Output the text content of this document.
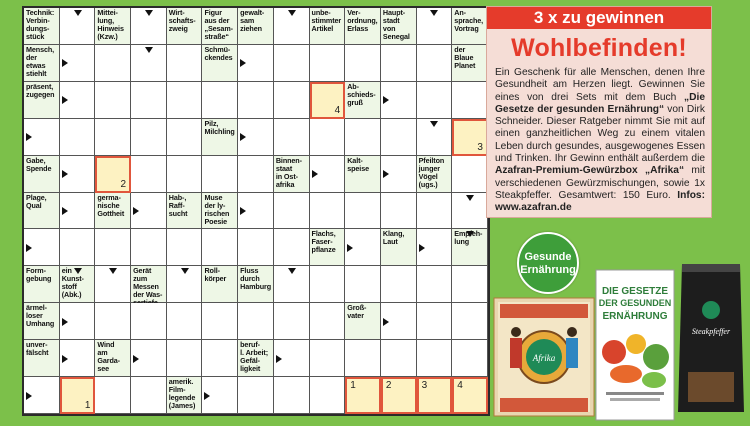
Technik:
Verbin-
dungs-
stück
Mittei-
lung,
Hinweis
(Kzw.)
Wirt-
schafts-
zweig
Figur
aus der
„Sesam-
straße“
gewalt-
sam
ziehen
unbe-
stimmter
Artikel
Ver-
ordnung,
Erlass
Haupt-
stadt
von
Senegal
An-
sprache,
Vortrag
Mensch,
der
etwas
stiehlt
Schmü-
ckendes
der
Blaue
Planet
präsent,
zugegen
4
Ab-
schieds-
gruß
Pilz,
Milchling
3
Gabe,
Spende
2
Binnen-
staat
in Ost-
afrika
Kalt-
speise
Pfeilton
junger
Vögel
(ugs.)
Plage,
Qual
germa-
nische
Gottheit
Hab-,
Raff-
sucht
Muse
der ly-
rischen
Poesie
Flachs,
Faser-
pflanze
Klang,
Laut
Empfeh-
lung
Form-
gebung
ein
Kunst-
stoff
(Abk.)
Gerät zum
Messen
der Was-

Roll-
körper
Fluss
durch
Hamburg
ärmel-
loser
Umhang
Groß-
vater
unver-
fälscht
Wind
am
Garda-
see
beruf-
l. Arbeit;
Gefäl-
ligkeit
1
amerik.
Film-
legende
(James)
1	2	3	4
3 x zu gewinnen
Wohlbefinden!
Ein Geschenk für alle Menschen, denen Ihre Gesundheit am Herzen liegt. Gewinnen Sie eines von drei Sets mit dem Buch „Die Gesetze der gesunden Ernährung“ von Dirk Schneider. Dieser Ratgeber nimmt Sie mit auf einen ganzheitlichen Weg zu einem vitalen Leben durch gesundes, ausgewogenes Essen und Trinken. Ihr Gewinn enthält außerdem die Azafran-Premium-Gewürzbox „Afrika“ mit verschiedenen Gewürzmischungen, sowie 1x Steakpfeffer. Gesamtwert: 150 Euro. Infos: www.azafran.de
Afrika
DIE GESETZE
DER GESUNDEN
ERNÄHRUNG
Steakpfeffer
Gesunde
Ernährung
